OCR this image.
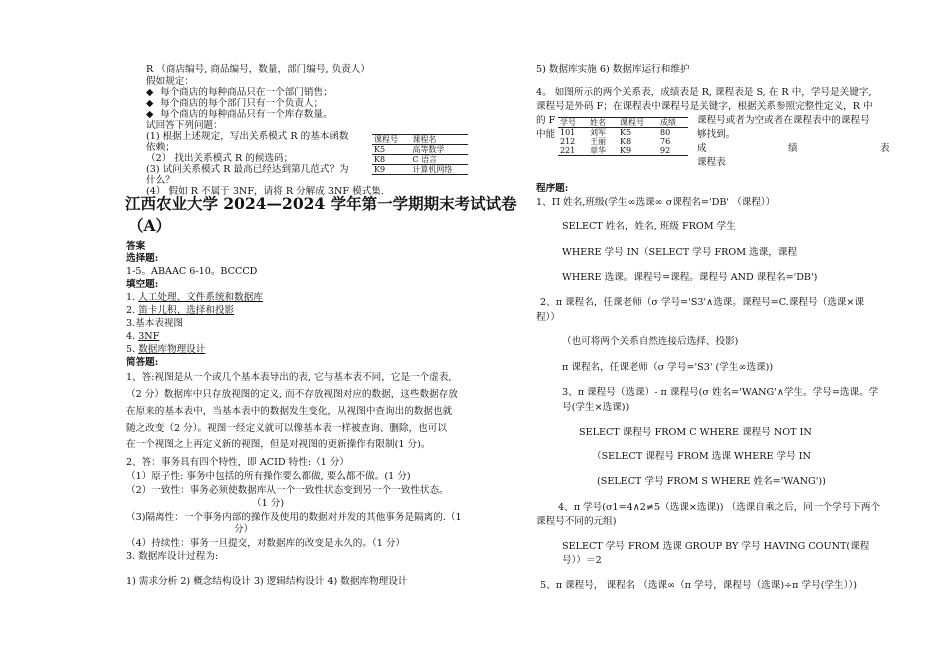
R （商店编号, 商品编号，数量，部门编号, 负责人）
假如规定：
◆ 每个商店的每种商品只在一个部门销售；
◆ 每个商店的每个部门只有一个负责人；
◆ 每个商店的每种商品只有一个库存数量。
试回答下列问题：
(1) 根据上述规定，写出关系模式 R 的基本函数
依赖；
（2） 找出关系模式 R 的候选码；
(3) 试问关系模式 R 最高已经达到第几范式？为
什么？
(4） 假如 R 不属于 3NF，请将 R 分解成 3NF 模式集.
课程号	课程名
K5	高等数学
K8	C 语言
K9	计算机网络
江西农业大学 2024—2024 学年第一学期期末考试试卷
（A）
答案
选择题:
1-5。ABAAC 6-10。BCCCD
填空题:
1. 人工处理、文件系统和数据库
2. 笛卡儿积、选择和投影
3.基本表视图
4. 3NF
5. 数据库物理设计
简答题:
1、答:视图是从一个或几个基本表导出的表, 它与基本表不同，它是一个虚表,
（2 分）数据库中只存放视图的定义, 而不存放视图对应的数据，这些数据存放
在原来的基本表中，当基本表中的数据发生变化，从视图中查询出的数据也就
随之改变（2 分）。视图一经定义就可以像基本表一样被查询、删除，也可以
在一个视图之上再定义新的视图，但是对视图的更新操作有限制(1 分)。
2、答：事务具有四个特性，即 ACID 特性:（1 分）
（1）原子性: 事务中包括的所有操作要么都做, 要么都不做。(1 分)
（2）一致性：事务必须使数据库从一个一致性状态变到另一个一致性状态。
（1 分)
（3)隔离性：一个事务内部的操作及使用的数据对并发的其他事务是隔离的.（1
分）
（4）持续性：事务一旦提交，对数据库的改变是永久的。（1 分）
3. 数据库设计过程为:
1) 需求分析 2) 概念结构设计 3) 逻辑结构设计 4) 数据库物理设计
5) 数据库实施 6) 数据库运行和维护
4。 如图所示的两个关系表，成绩表是 R, 课程表是 S, 在 R 中，学号是关键字,
课程号是外码 F；在课程表中课程号是关键字，根据关系参照完整性定义，R 中
的 F	课程号或者为空或者在课程表中的课程号
中能	够找到。
成	绩	表
课程表
学号	姓名	课程号	成绩
101	刘军	K5	80
212	王丽	K8	76
221	章华	K9	92
程序题:
1、Π 姓名,班级(学生∞选课∞ σ课程名='DB' （课程））
SELECT 姓名，姓名, 班级 FROM 学生
WHERE 学号 IN（SELECT 学号 FROM 选课，课程
WHERE 选课。课程号=课程。课程号 AND 课程名='DB')
2、π 课程名，任课老师（σ 学号='S3'∧选课。课程号=C.课程号（选课×课
程））
（也可将两个关系自然连接后选择、投影)
π 课程名，任课老师（σ 学号='S3' (学生∞选课))
3、π 课程号（选课）- π 课程号(σ 姓名='WANG'∧学生。学号=选课。学
号(学生×选课))
SELECT 课程号 FROM C WHERE 课程号 NOT IN
（SELECT 课程号 FROM 选课 WHERE 学号 IN
(SELECT 学号 FROM S WHERE 姓名='WANG'))
4、π 学号(σ1=4∧2≠5（选课×选课)) （选课自乘之后，同一个学号下两个
课程号不同的元组)
SELECT 学号 FROM 选课 GROUP BY 学号 HAVING COUNT(课程
号））＝2
5、π 课程号， 课程名 （选课∞（π 学号，课程号（选课)÷π 学号(学生））)
